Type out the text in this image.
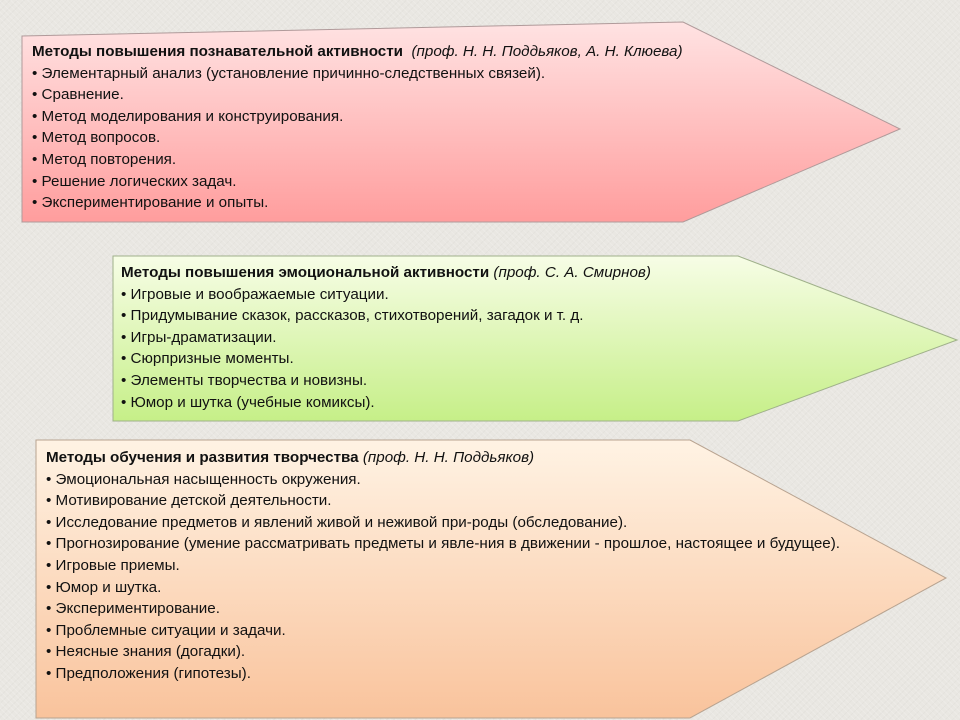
Методы повышения познавательной активности (проф. Н. Н. Поддьяков, А. Н. Клюева)
• Элементарный анализ (установление причинно-следственных связей).
• Сравнение.
• Метод моделирования и конструирования.
• Метод вопросов.
• Метод повторения.
• Решение логических задач.
• Экспериментирование и опыты.
Методы повышения эмоциональной активности (проф. С. А. Смирнов)
• Игровые и воображаемые ситуации.
• Придумывание сказок, рассказов, стихотворений, загадок и т. д.
• Игры-драматизации.
• Сюрпризные моменты.
• Элементы творчества и новизны.
• Юмор и шутка (учебные комиксы).
Методы обучения и развития творчества (проф. Н. Н. Поддьяков)
• Эмоциональная насыщенность окружения.
• Мотивирование детской деятельности.
• Исследование предметов и явлений живой и неживой при-роды (обследование).
• Прогнозирование (умение рассматривать предметы и явле-ния в движении - прошлое, настоящее и будущее).
• Игровые приемы.
• Юмор и шутка.
• Экспериментирование.
• Проблемные ситуации и задачи.
• Неясные знания (догадки).
• Предположения (гипотезы).
